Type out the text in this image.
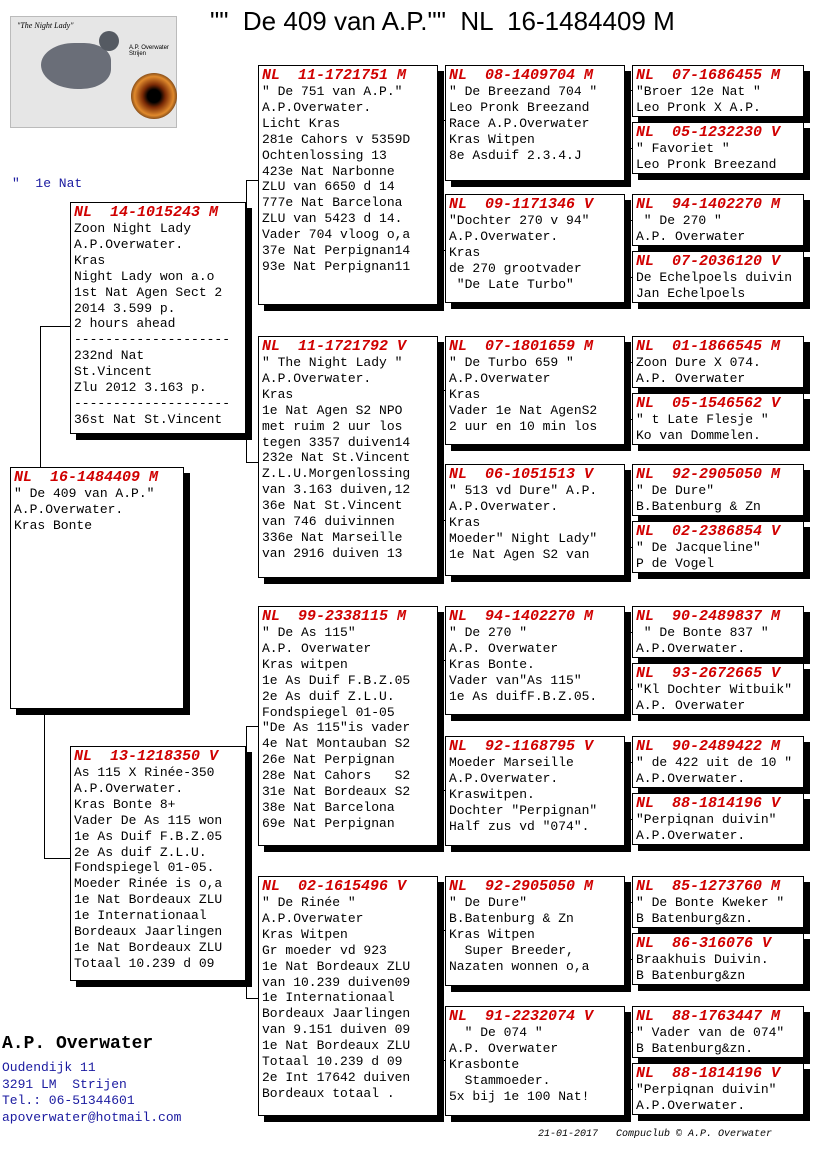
""  De 409 van A.P.""  NL  16-1484409 M
"The Night Lady"
A.P. Overwater Strijen
"  1e Nat
NL  16-1484409 M
" De 409 van A.P."
A.P.Overwater.
Kras Bonte
NL  14-1015243 M
Zoon Night Lady
A.P.Overwater.
Kras
Night Lady won a.o
1st Nat Agen Sect 2
2014 3.599 p.
2 hours ahead
--------------------
232nd Nat
St.Vincent
Zlu 2012 3.163 p.
--------------------
36st Nat St.Vincent
NL  13-1218350 V
As 115 X Rinée-350
A.P.Overwater.
Kras Bonte 8+
Vader De As 115 won
1e As Duif F.B.Z.05
2e As duif Z.L.U.
Fondspiegel 01-05.
Moeder Rinée is o,a
1e Nat Bordeaux ZLU
1e Internationaal
Bordeaux Jaarlingen
1e Nat Bordeaux ZLU
Totaal 10.239 d 09
NL  11-1721751 M
" De 751 van A.P."
A.P.Overwater.
Licht Kras
281e Cahors v 5359D
Ochtenlossing 13
423e Nat Narbonne
ZLU van 6650 d 14
777e Nat Barcelona
ZLU van 5423 d 14.
Vader 704 vloog o,a
37e Nat Perpignan14
93e Nat Perpignan11
NL  11-1721792 V
" The Night Lady "
A.P.Overwater.
Kras
1e Nat Agen S2 NPO
met ruim 2 uur los
tegen 3357 duiven14
232e Nat St.Vincent
Z.L.U.Morgenlossing
van 3.163 duiven,12
36e Nat St.Vincent
van 746 duivinnen
336e Nat Marseille
van 2916 duiven 13
NL  99-2338115 M
" De As 115"
A.P. Overwater
Kras witpen
1e As Duif F.B.Z.05
2e As duif Z.L.U.
Fondspiegel 01-05
"De As 115"is vader
4e Nat Montauban S2
26e Nat Perpignan
28e Nat Cahors   S2
31e Nat Bordeaux S2
38e Nat Barcelona
69e Nat Perpignan
NL  02-1615496 V
" De Rinée "
A.P.Overwater
Kras Witpen
Gr moeder vd 923
1e Nat Bordeaux ZLU
van 10.239 duiven09
1e Internationaal
Bordeaux Jaarlingen
van 9.151 duiven 09
1e Nat Bordeaux ZLU
Totaal 10.239 d 09
2e Int 17642 duiven
Bordeaux totaal .
NL  08-1409704 M
" De Breezand 704 "
Leo Pronk Breezand
Race A.P.Overwater
Kras Witpen
8e Asduif 2.3.4.J
NL  09-1171346 V
"Dochter 270 v 94"
A.P.Overwater.
Kras
de 270 grootvader
"De Late Turbo"
NL  07-1801659 M
" De Turbo 659 "
A.P.Overwater
Kras
Vader 1e Nat AgenS2
2 uur en 10 min los
NL  06-1051513 V
" 513 vd Dure" A.P.
A.P.Overwater.
Kras
Moeder" Night Lady"
1e Nat Agen S2 van
NL  94-1402270 M
" De 270 "
A.P. Overwater
Kras Bonte.
Vader van"As 115"
1e As duifF.B.Z.05.
NL  92-1168795 V
Moeder Marseille
A.P.Overwater.
Kraswitpen.
Dochter "Perpignan"
Half zus vd "074".
NL  92-2905050 M
" De Dure"
B.Batenburg & Zn
Kras Witpen
Super Breeder,
Nazaten wonnen o,a
NL  91-2232074 V
" De 074 "
A.P. Overwater
Krasbonte
Stammoeder.
5x bij 1e 100 Nat!
NL  07-1686455 M
"Broer 12e Nat "
Leo Pronk X A.P.
NL  05-1232230 V
" Favoriet "
Leo Pronk Breezand
NL  94-1402270 M
" De 270 "
A.P. Overwater
NL  07-2036120 V
De Echelpoels duivin
Jan Echelpoels
NL  01-1866545 M
Zoon Dure X 074.
A.P. Overwater
NL  05-1546562 V
" t Late Flesje "
Ko van Dommelen.
NL  92-2905050 M
" De Dure"
B.Batenburg & Zn
NL  02-2386854 V
" De Jacqueline"
P de Vogel
NL  90-2489837 M
" De Bonte 837 "
A.P.Overwater.
NL  93-2672665 V
"Kl Dochter Witbuik"
A.P. Overwater
NL  90-2489422 M
" de 422 uit de 10 "
A.P.Overwater.
NL  88-1814196 V
"Perpiqnan duivin"
A.P.Overwater.
NL  85-1273760 M
" De Bonte Kweker "
B Batenburg&zn.
NL  86-316076 V
Braakhuis Duivin.
B Batenburg&zn
NL  88-1763447 M
" Vader van de 074"
B Batenburg&zn.
NL  88-1814196 V
"Perpiqnan duivin"
A.P.Overwater.
A.P. Overwater
Oudendijk 11
3291 LM  Strijen
Tel.: 06-51344601
apoverwater@hotmail.com
21-01-2017   Compuclub © A.P. Overwater
